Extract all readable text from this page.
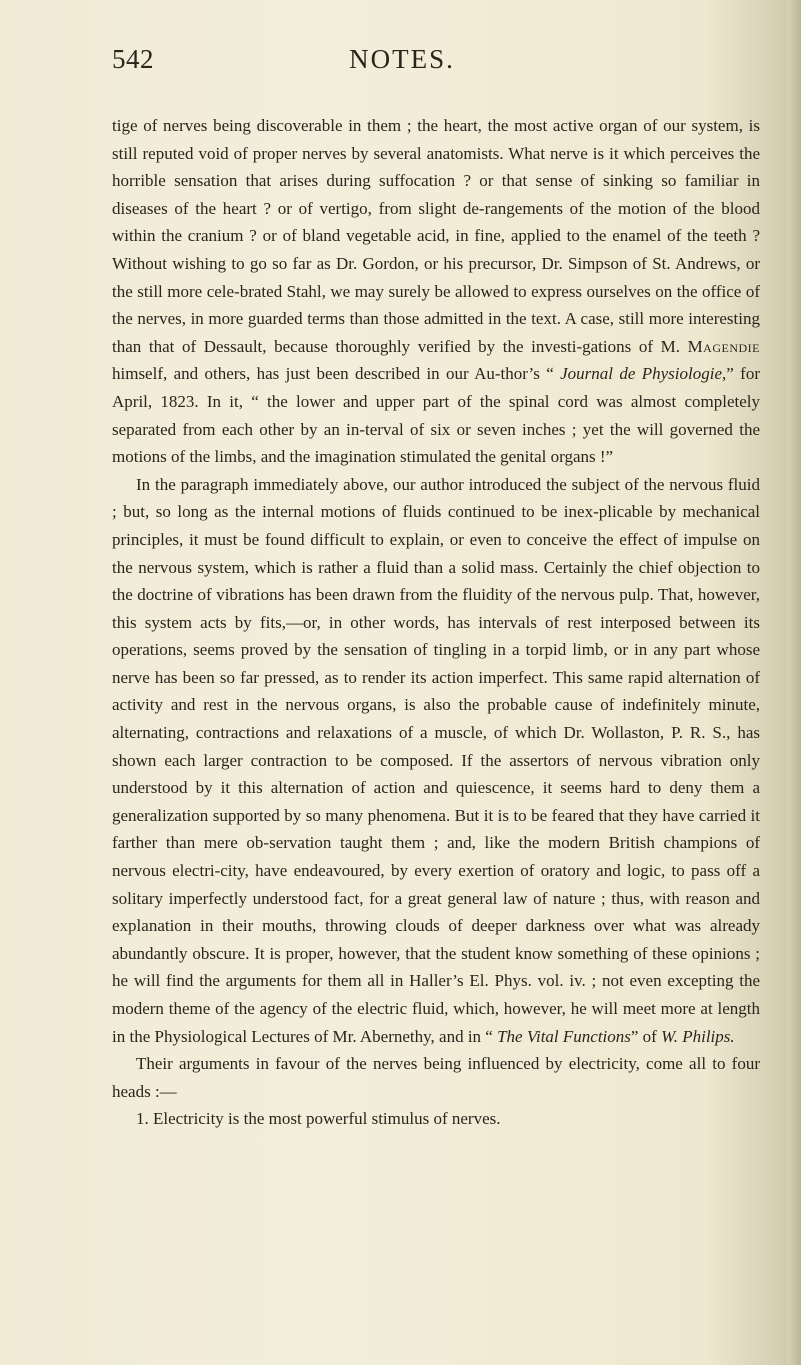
542	NOTES.

tige of nerves being discoverable in them ; the heart, the most active organ of our system, is still reputed void of proper nerves by several anatomists. What nerve is it which perceives the horrible sensation that arises during suffocation ? or that sense of sinking so familiar in diseases of the heart ? or of vertigo, from slight de-rangements of the motion of the blood within the cranium ? or of bland vegetable acid, in fine, applied to the enamel of the teeth ? Without wishing to go so far as Dr. Gordon, or his precursor, Dr. Simpson of St. Andrews, or the still more cele-brated Stahl, we may surely be allowed to express ourselves on the office of the nerves, in more guarded terms than those admitted in the text. A case, still more interesting than that of Dessault, because thoroughly verified by the investi-gations of M. Magendie himself, and others, has just been described in our Au-thor’s “ Journal de Physiologie,” for April, 1823. In it, “ the lower and upper part of the spinal cord was almost completely separated from each other by an in-terval of six or seven inches ; yet the will governed the motions of the limbs, and the imagination stimulated the genital organs !”

In the paragraph immediately above, our author introduced the subject of the nervous fluid ; but, so long as the internal motions of fluids continued to be inex-plicable by mechanical principles, it must be found difficult to explain, or even to conceive the effect of impulse on the nervous system, which is rather a fluid than a solid mass. Certainly the chief objection to the doctrine of vibrations has been drawn from the fluidity of the nervous pulp. That, however, this system acts by fits,—or, in other words, has intervals of rest interposed between its operations, seems proved by the sensation of tingling in a torpid limb, or in any part whose nerve has been so far pressed, as to render its action imperfect. This same rapid alternation of activity and rest in the nervous organs, is also the probable cause of indefinitely minute, alternating, contractions and relaxations of a muscle, of which Dr. Wollaston, P. R. S., has shown each larger contraction to be composed. If the assertors of nervous vibration only understood by it this alternation of action and quiescence, it seems hard to deny them a generalization supported by so many phenomena. But it is to be feared that they have carried it farther than mere ob-servation taught them ; and, like the modern British champions of nervous electri-city, have endeavoured, by every exertion of oratory and logic, to pass off a solitary imperfectly understood fact, for a great general law of nature ; thus, with reason and explanation in their mouths, throwing clouds of deeper darkness over what was already abundantly obscure. It is proper, however, that the student know something of these opinions ; he will find the arguments for them all in Haller’s El. Phys. vol. iv. ; not even excepting the modern theme of the agency of the electric fluid, which, however, he will meet more at length in the Physiological Lectures of Mr. Abernethy, and in “ The Vital Functions” of W. Philips.

Their arguments in favour of the nerves being influenced by electricity, come all to four heads :—

1. Electricity is the most powerful stimulus of nerves.
